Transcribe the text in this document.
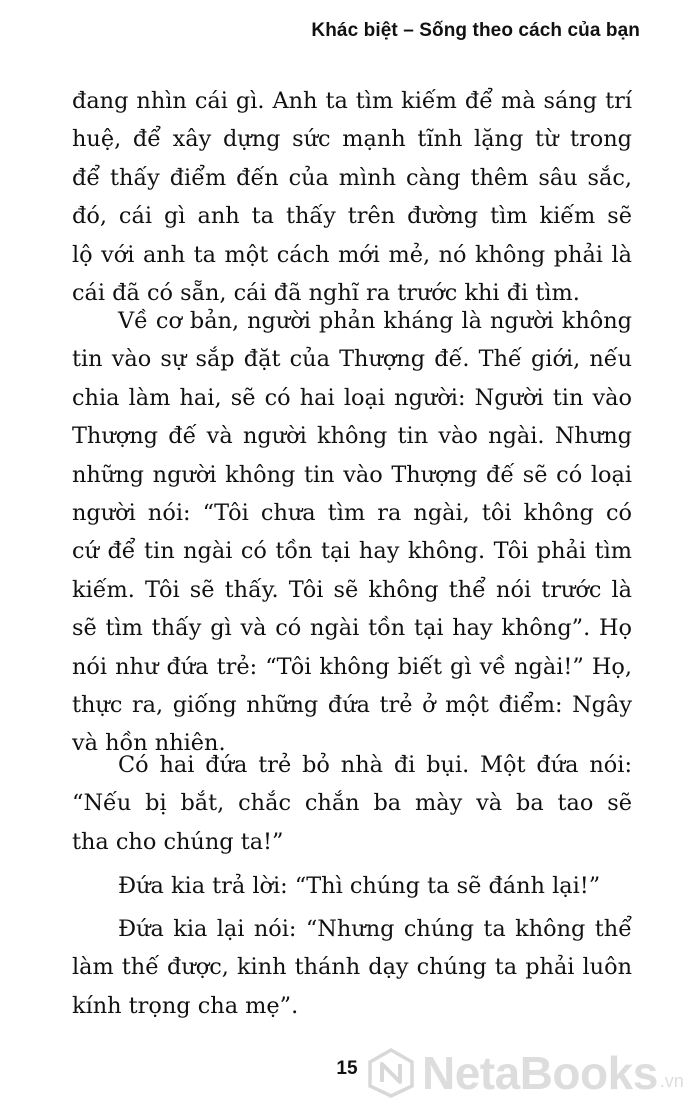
Khác biệt – Sống theo cách của bạn
đang nhìn cái gì. Anh ta tìm kiếm để mà sáng trí
huệ, để xây dựng sức mạnh tĩnh lặng từ trong
để thấy điểm đến của mình càng thêm sâu sắc,
đó, cái gì anh ta thấy trên đường tìm kiếm sẽ
lộ với anh ta một cách mới mẻ, nó không phải là
cái đã có sẵn, cái đã nghĩ ra trước khi đi tìm.
Về cơ bản, người phản kháng là người không
tin vào sự sắp đặt của Thượng đế. Thế giới, nếu
chia làm hai, sẽ có hai loại người: Người tin vào
Thượng đế và người không tin vào ngài. Nhưng
những người không tin vào Thượng đế sẽ có loại
người nói: “Tôi chưa tìm ra ngài, tôi không có
cứ để tin ngài có tồn tại hay không. Tôi phải tìm
kiếm. Tôi sẽ thấy. Tôi sẽ không thể nói trước là
sẽ tìm thấy gì và có ngài tồn tại hay không”. Họ
nói như đứa trẻ: “Tôi không biết gì về ngài!” Họ,
thực ra, giống những đứa trẻ ở một điểm: Ngây
và hồn nhiên.
Có hai đứa trẻ bỏ nhà đi bụi. Một đứa nói:
“Nếu bị bắt, chắc chắn ba mày và ba tao sẽ
tha cho chúng ta!”
Đứa kia trả lời: “Thì chúng ta sẽ đánh lại!”
Đứa kia lại nói: “Nhưng chúng ta không thể
làm thế được, kinh thánh dạy chúng ta phải luôn
kính trọng cha mẹ”.
15 NetaBooks .vn
